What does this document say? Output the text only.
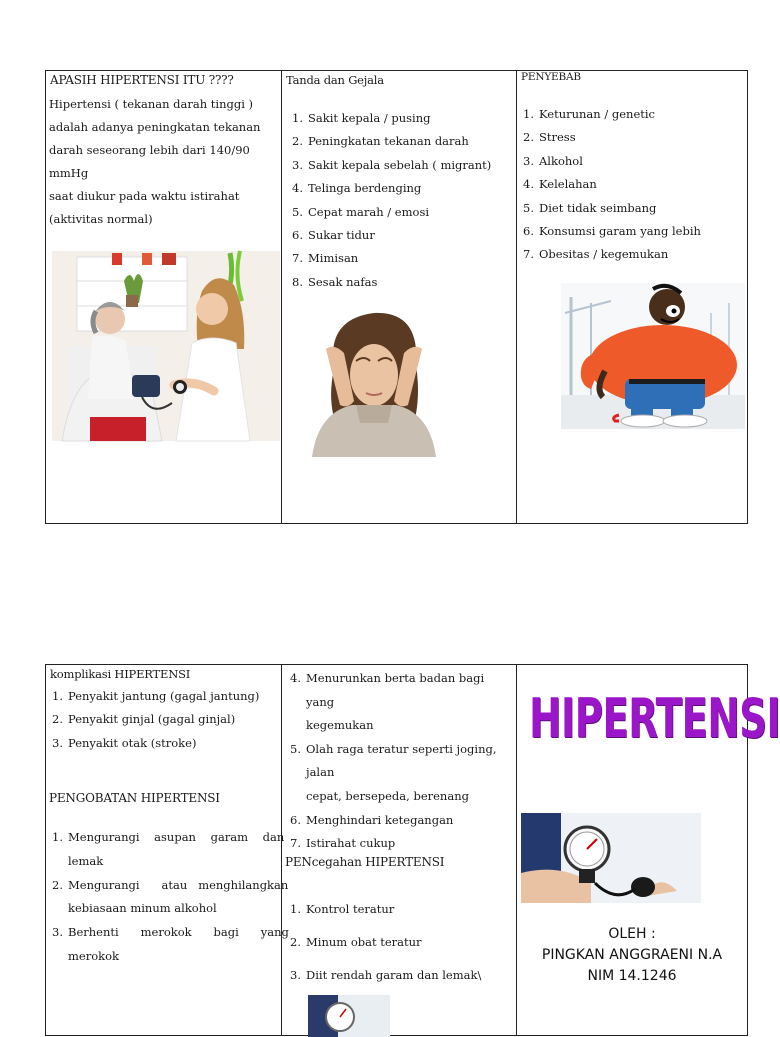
APASIH HIPERTENSI ITU ????
Hipertensi ( tekanan darah tinggi )
adalah adanya peningkatan tekanan
darah seseorang lebih dari 140/90 mmHg
saat diukur pada waktu istirahat
(aktivitas normal)
Tanda dan Gejala
1. Sakit kepala / pusing
2. Peningkatan tekanan darah
3. Sakit kepala sebelah ( migrant)
4. Telinga berdenging
5. Cepat marah / emosi
6. Sukar tidur
7. Mimisan
8. Sesak nafas
PENYEBAB
1. Keturunan / genetic
2. Stress
3. Alkohol
4. Kelelahan
5. Diet tidak seimbang
6. Konsumsi garam yang lebih
7. Obesitas / kegemukan
komplikasi HIPERTENSI
1. Penyakit jantung (gagal jantung)
2. Penyakit ginjal (gagal ginjal)
3. Penyakit otak (stroke)
PENGOBATAN HIPERTENSI
1. Mengurangi    asupan    garam    dan
lemak
2. Mengurangi      atau   menghilangkan
kebiasaan minum alkohol
3. Berhenti      merokok      bagi      yang
merokok
4. Menurunkan berta badan bagi yang
kegemukan
5. Olah raga teratur seperti joging, jalan
cepat, bersepeda, berenang
6. Menghindari ketegangan
7. Istirahat cukup
PENcegahan HIPERTENSI
1. Kontrol teratur
2. Minum obat teratur
3. Diit rendah garam dan lemak\
HIPERTENSI
OLEH :
PINGKAN ANGGRAENI N.A
NIM 14.1246
